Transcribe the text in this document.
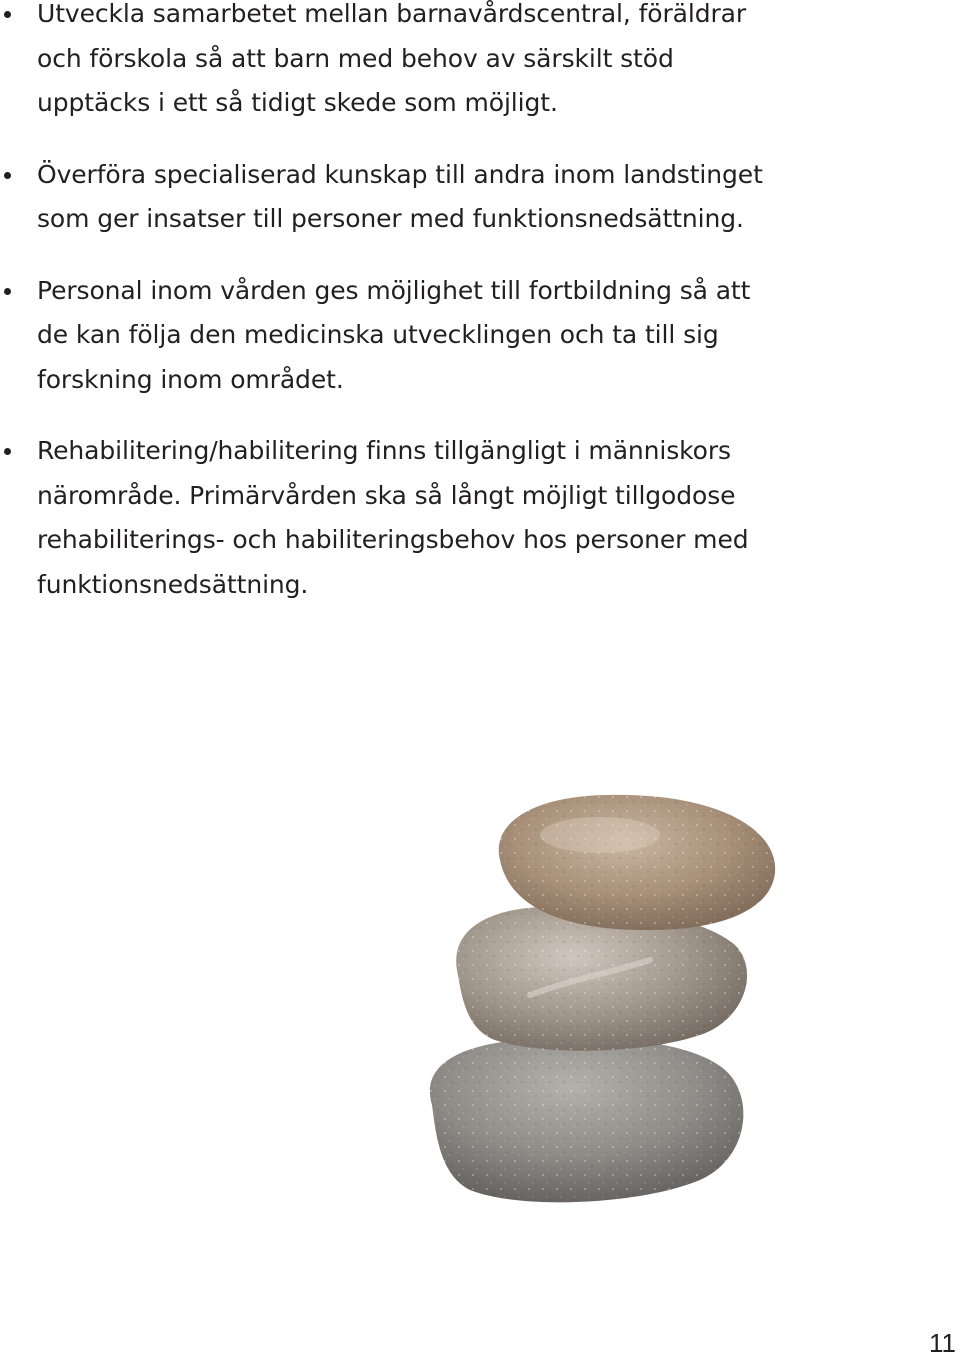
Utveckla samarbetet mellan barnavårdscentral, föräldrar
och förskola så att barn med behov av särskilt stöd
upptäcks i ett så tidigt skede som möjligt.
Överföra specialiserad kunskap till andra inom landstinget
som ger insatser till personer med funktionsnedsättning.
Personal inom vården ges möjlighet till fortbildning så att
de kan följa den medicinska utvecklingen och ta till sig
forskning inom området.
Rehabilitering/habilitering finns tillgängligt i människors
närområde. Primärvården ska så långt möjligt tillgodose
rehabiliterings- och habiliteringsbehov hos personer med
funktionsnedsättning.
11
